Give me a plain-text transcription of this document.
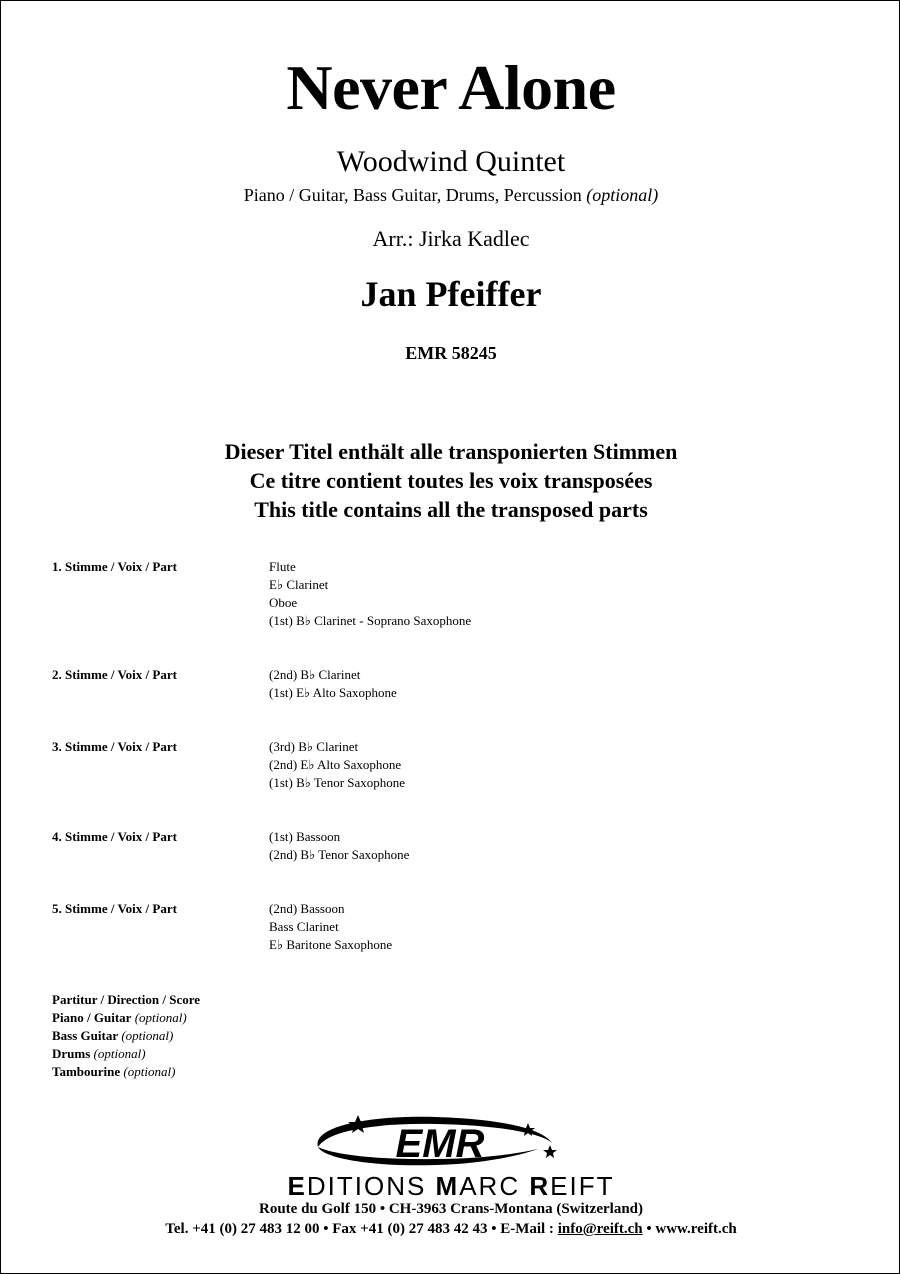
Never Alone
Woodwind Quintet
Piano / Guitar, Bass Guitar, Drums, Percussion (optional)
Arr.: Jirka Kadlec
Jan Pfeiffer
EMR 58245
Dieser Titel enthält alle transponierten Stimmen
Ce titre contient toutes les voix transposées
This title contains all the transposed parts
1. Stimme / Voix / Part	Flute
E♭ Clarinet
Oboe
(1st) B♭ Clarinet - Soprano Saxophone
2. Stimme / Voix / Part	(2nd) B♭ Clarinet
(1st) E♭ Alto Saxophone
3. Stimme / Voix / Part	(3rd) B♭ Clarinet
(2nd) E♭ Alto Saxophone
(1st) B♭ Tenor Saxophone
4. Stimme / Voix / Part	(1st) Bassoon
(2nd) B♭ Tenor Saxophone
5. Stimme / Voix / Part	(2nd) Bassoon
Bass Clarinet
E♭ Baritone Saxophone
Partitur / Direction / Score
Piano / Guitar (optional)
Bass Guitar (optional)
Drums (optional)
Tambourine (optional)
EMR
EDITIONS MARC REIFT
Route du Golf 150 • CH-3963 Crans-Montana (Switzerland)
Tel. +41 (0) 27 483 12 00 • Fax +41 (0) 27 483 42 43 • E-Mail : info@reift.ch • www.reift.ch
